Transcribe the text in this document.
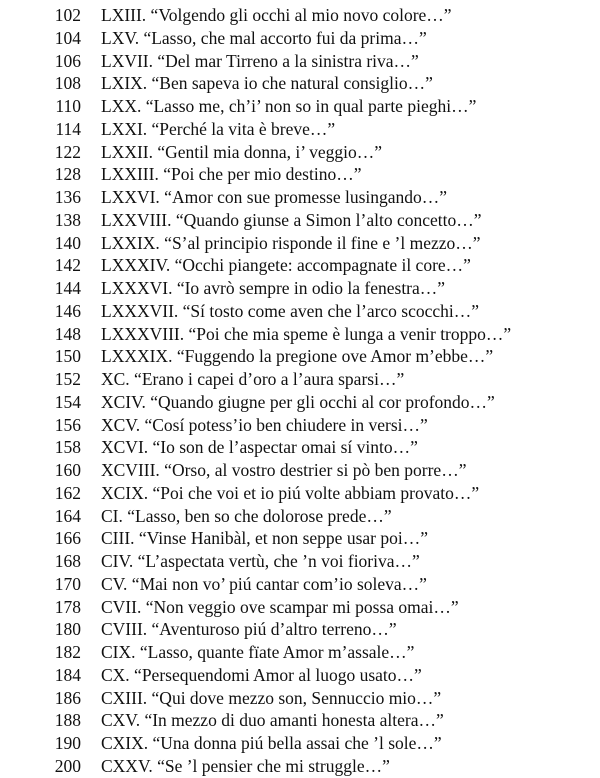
102 LXIII. “Volgendo gli occhi al mio novo colore…”
104 LXV. “Lasso, che mal accorto fui da prima…”
106 LXVII. “Del mar Tirreno a la sinistra riva…”
108 LXIX. “Ben sapeva io che natural consiglio…”
110 LXX. “Lasso me, ch’i’ non so in qual parte pieghi…”
114 LXXI. “Perché la vita è breve…”
122 LXXII. “Gentil mia donna, i’ veggio…”
128 LXXIII. “Poi che per mio destino…”
136 LXXVI. “Amor con sue promesse lusingando…”
138 LXXVIII. “Quando giunse a Simon l’alto concetto…”
140 LXXIX. “S’al principio risponde il fine e ’l mezzo…”
142 LXXXIV. “Occhi piangete: accompagnate il core…”
144 LXXXVI. “Io avrò sempre in odio la fenestra…”
146 LXXXVII. “Sí tosto come aven che l’arco scocchi…”
148 LXXXVIII. “Poi che mia speme è lunga a venir troppo…”
150 LXXXIX. “Fuggendo la pregione ove Amor m’ebbe…”
152 XC. “Erano i capei d’oro a l’aura sparsi…”
154 XCIV. “Quando giugne per gli occhi al cor profondo…”
156 XCV. “Cosí potess’io ben chiudere in versi…”
158 XCVI. “Io son de l’aspectar omai sí vinto…”
160 XCVIII. “Orso, al vostro destrier si pò ben porre…”
162 XCIX. “Poi che voi et io piú volte abbiam provato…”
164 CI. “Lasso, ben so che dolorose prede…”
166 CIII. “Vinse Hanibàl, et non seppe usar poi…”
168 CIV. “L’aspectata vertù, che ’n voi fioriva…”
170 CV. “Mai non vo’ piú cantar com’io soleva…”
178 CVII. “Non veggio ove scampar mi possa omai…”
180 CVIII. “Aventuroso piú d’altro terreno…”
182 CIX. “Lasso, quante fïate Amor m’assale…”
184 CX. “Persequendomi Amor al luogo usato…”
186 CXIII. “Qui dove mezzo son, Sennuccio mio…”
188 CXV. “In mezzo di duo amanti honesta altera…”
190 CXIX. “Una donna piú bella assai che ’l sole…”
200 CXXV. “Se ’l pensier che mi struggle…”
